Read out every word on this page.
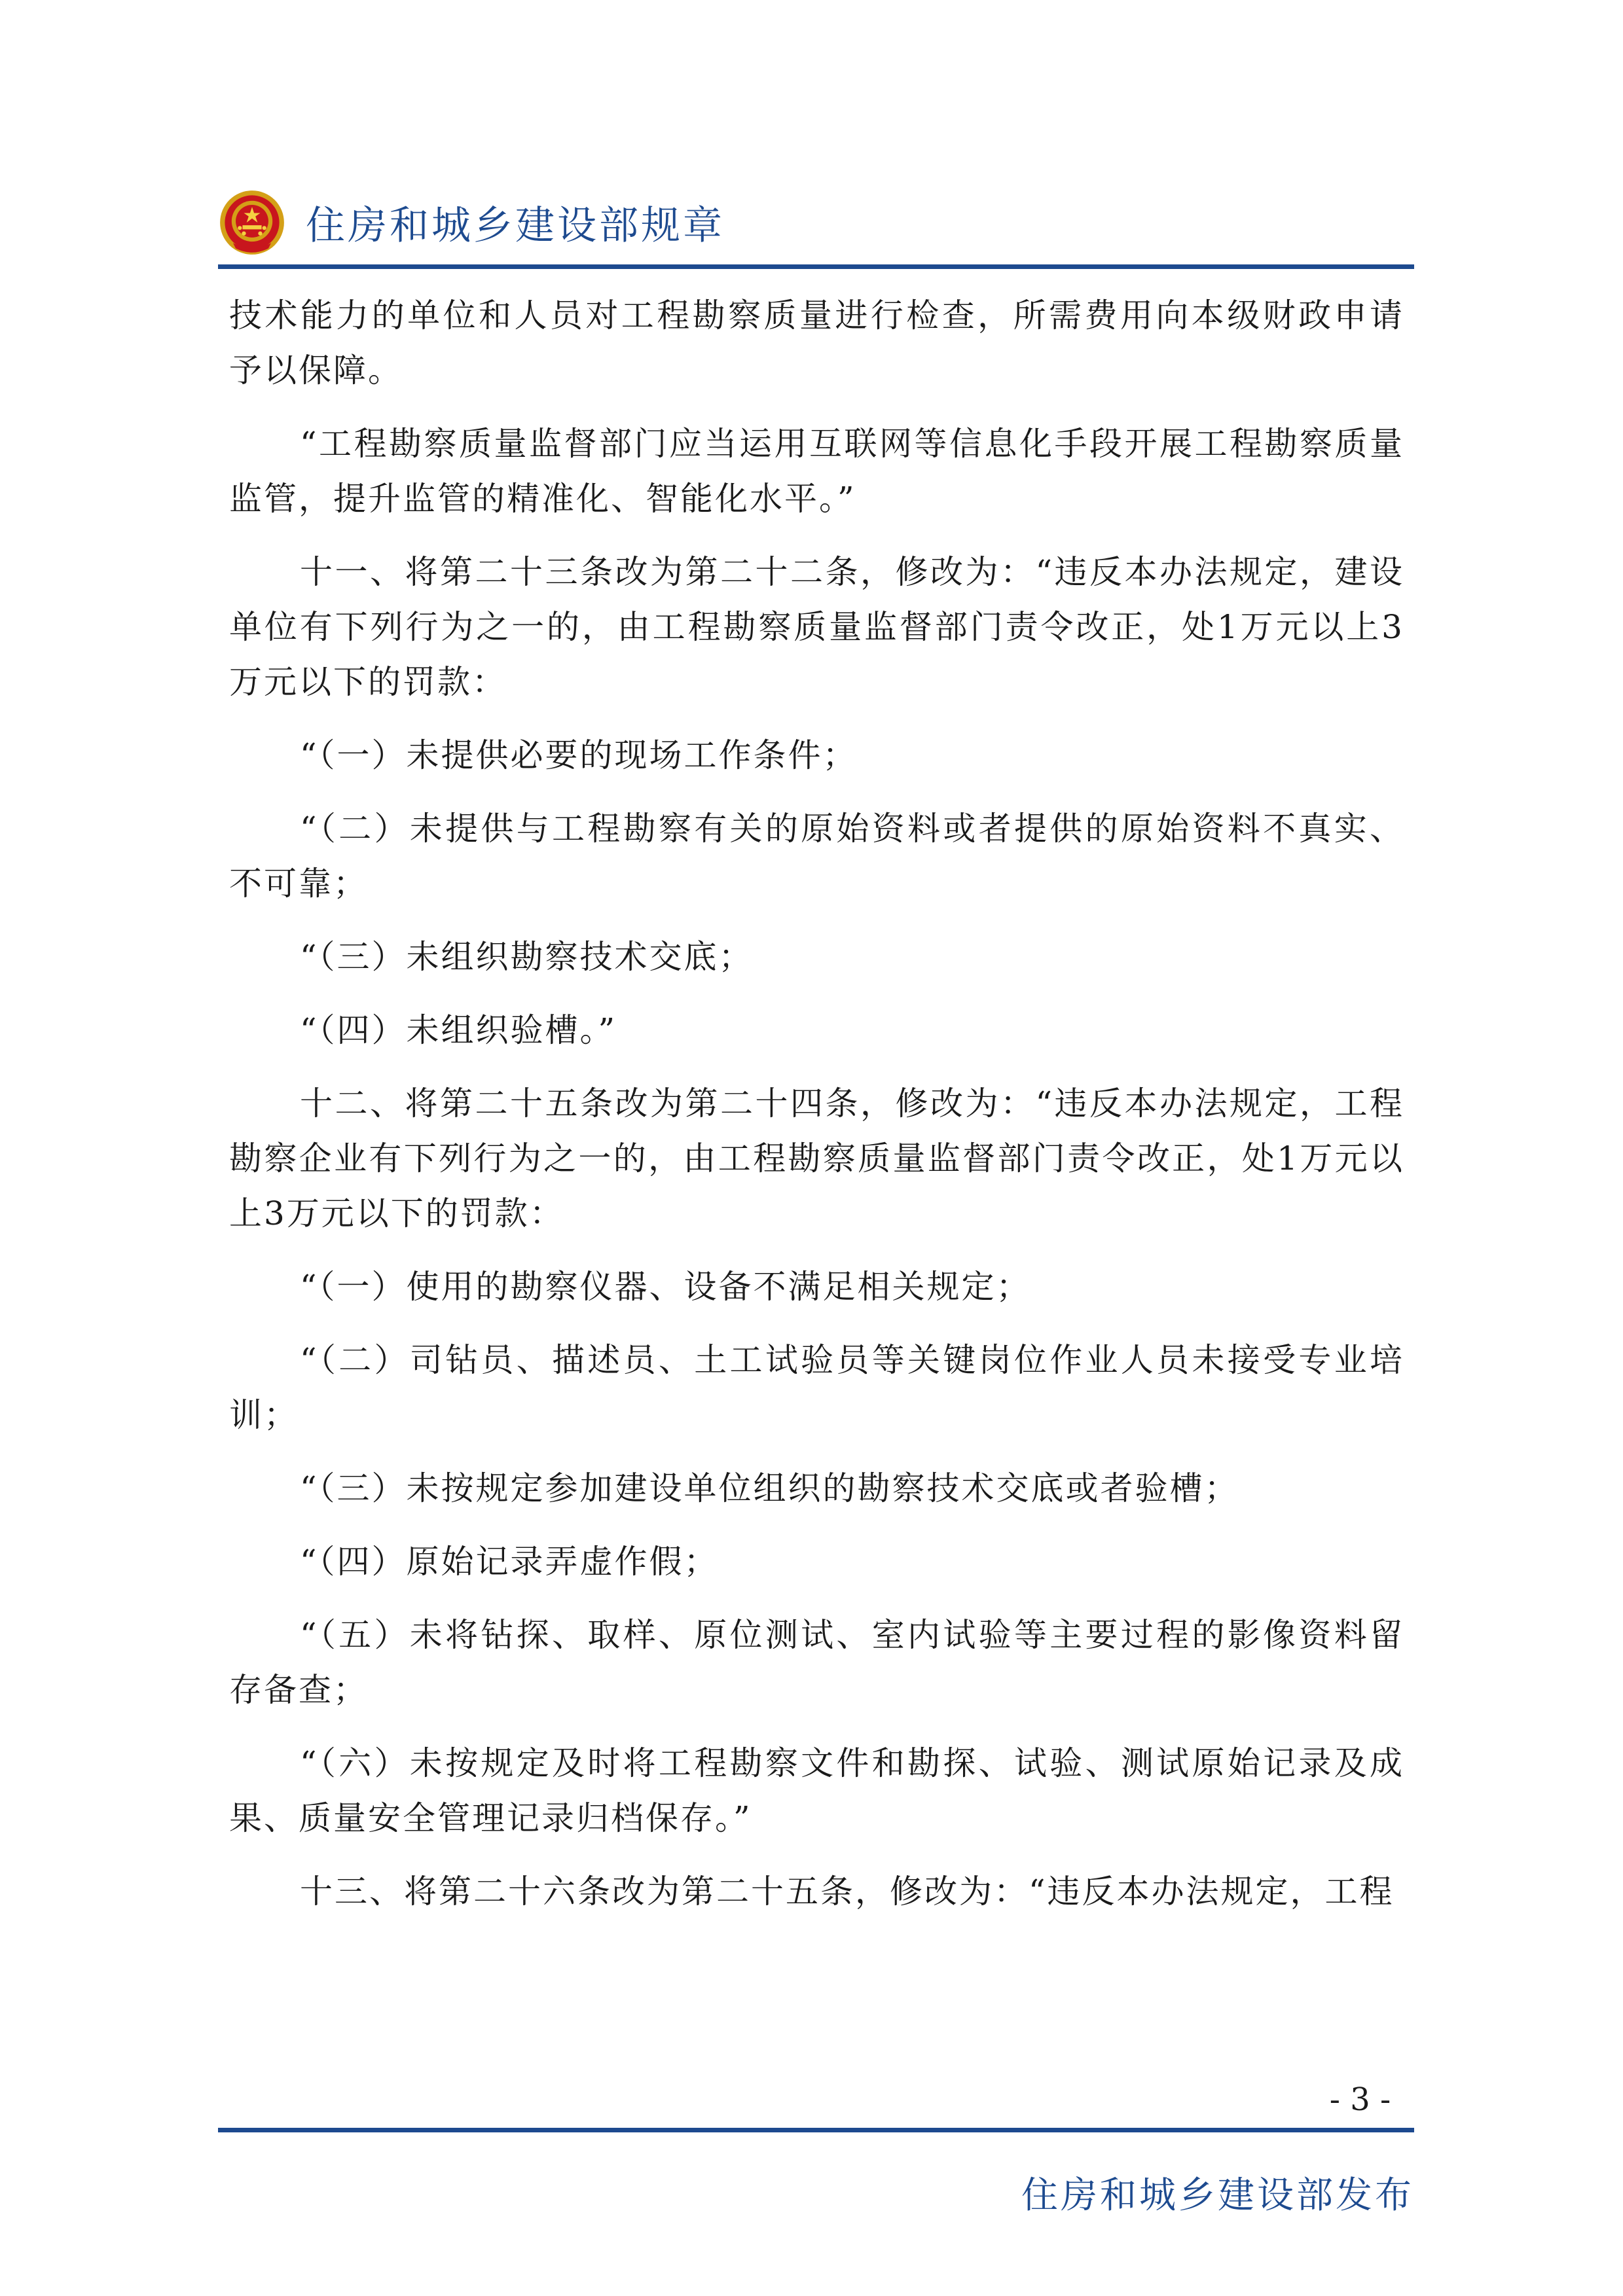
住房和城乡建设部规章

技术能力的单位和人员对工程勘察质量进行检查，所需费用向本级财政申请予以保障。

“工程勘察质量监督部门应当运用互联网等信息化手段开展工程勘察质量监管，提升监管的精准化、智能化水平。”

十一、将第二十三条改为第二十二条，修改为：“违反本办法规定，建设单位有下列行为之一的，由工程勘察质量监督部门责令改正，处1万元以上3万元以下的罚款：

“（一）未提供必要的现场工作条件；

“（二）未提供与工程勘察有关的原始资料或者提供的原始资料不真实、不可靠；

“（三）未组织勘察技术交底；

“（四）未组织验槽。”

十二、将第二十五条改为第二十四条，修改为：“违反本办法规定，工程勘察企业有下列行为之一的，由工程勘察质量监督部门责令改正，处1万元以上3万元以下的罚款：

“（一）使用的勘察仪器、设备不满足相关规定；

“（二）司钻员、描述员、土工试验员等关键岗位作业人员未接受专业培训；

“（三）未按规定参加建设单位组织的勘察技术交底或者验槽；

“（四）原始记录弄虚作假；

“（五）未将钻探、取样、原位测试、室内试验等主要过程的影像资料留存备查；

“（六）未按规定及时将工程勘察文件和勘探、试验、测试原始记录及成果、质量安全管理记录归档保存。”

十三、将第二十六条改为第二十五条，修改为：“违反本办法规定，工程

- 3 -
住房和城乡建设部发布
